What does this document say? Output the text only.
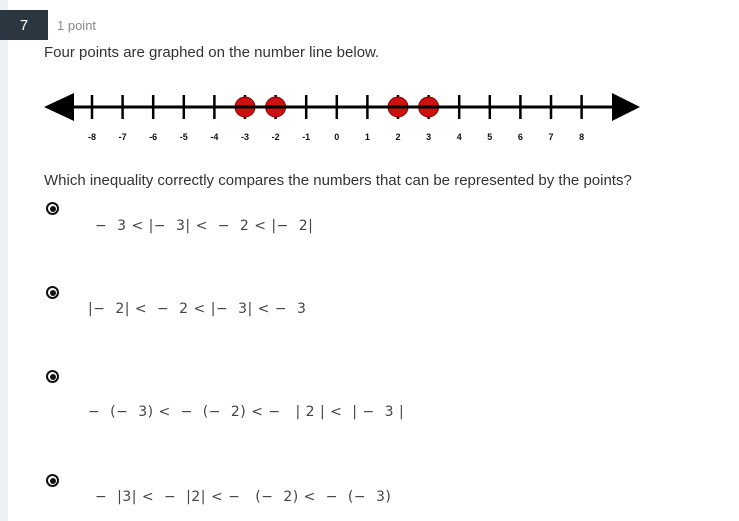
7	1 point
Four points are graphed on the number line below.
-8	-7	-6	-5	-4	-3	-2	-1	0	1	2	3	4	5	6	7	8
Which inequality correctly compares the numbers that can be represented by the points?
−  3 < |−  3| <  −  2 < |−  2|
|−  2| <  −  2 < |−  3| < −  3
−  (−  3) <  −  (−  2) < −   | 2 | <  | −  3 |
−  |3| <  −  |2| < −   (−  2) <  −  (−  3)
